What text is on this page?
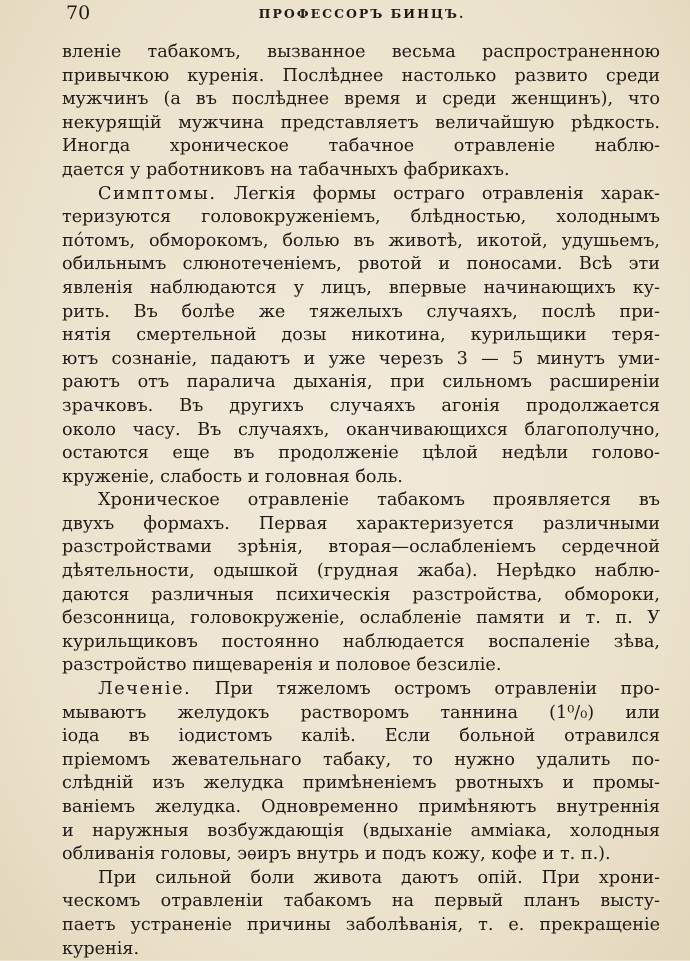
70	ПРОФЕССОРЪ БИНЦЪ.
вленіе табакомъ, вызванное весьма распространенною
привычкою куренія. Послѣднее настолько развито среди
мужчинъ (а въ послѣднее время и среди женщинъ), что
некурящій мужчина представляетъ величайшую рѣдкость.
Иногда хроническое табачное отравленіе наблю-
дается у работниковъ на табачныхъ фабрикахъ.
Симптомы. Легкія формы остраго отравленія харак-
теризуются головокруженіемъ, блѣдностью, холоднымъ
пóтомъ, обморокомъ, болью въ животѣ, икотой, удушьемъ,
обильнымъ слюнотеченіемъ, рвотой и поносами. Всѣ эти
явленія наблюдаются у лицъ, впервые начинающихъ ку-
рить. Въ болѣе же тяжелыхъ случаяхъ, послѣ при-
нятія смертельной дозы никотина, курильщики теря-
ютъ сознаніе, падаютъ и уже черезъ 3 — 5 минутъ уми-
раютъ отъ паралича дыханія, при сильномъ расширеніи
зрачковъ. Въ другихъ случаяхъ агонія продолжается
около часу. Въ случаяхъ, оканчивающихся благополучно,
остаются еще въ продолженіе цѣлой недѣли голово-
круженіе, слабость и головная боль.
Хроническое отравленіе табакомъ проявляется въ
двухъ формахъ. Первая характеризуется различными
разстройствами зрѣнія, вторая—ослабленіемъ сердечной
дѣятельности, одышкой (грудная жаба). Нерѣдко наблю-
даются различныя психическія разстройства, обмороки,
безсонница, головокруженіе, ослабленіе памяти и т. п. У
курильщиковъ постоянно наблюдается воспаленіе зѣва,
разстройство пищеваренія и половое безсиліе.
Леченіе. При тяжеломъ остромъ отравленіи про-
мываютъ желудокъ растворомъ таннина (1⁰/₀) или
іода въ іодистомъ каліѣ. Если больной отравился
пріемомъ жевательнаго табаку, то нужно удалить по-
слѣдній изъ желудка примѣненіемъ рвотныхъ и промы-
ваніемъ желудка. Одновременно примѣняютъ внутреннія
и наружныя возбуждающія (вдыханіе амміака, холодныя
обливанія головы, эѳиръ внутрь и подъ кожу, кофе и т. п.).
При сильной боли живота даютъ опій. При хрони-
ческомъ отравленіи табакомъ на первый планъ высту-
паетъ устраненіе причины заболѣванія, т. е. прекращеніе
куренія.
